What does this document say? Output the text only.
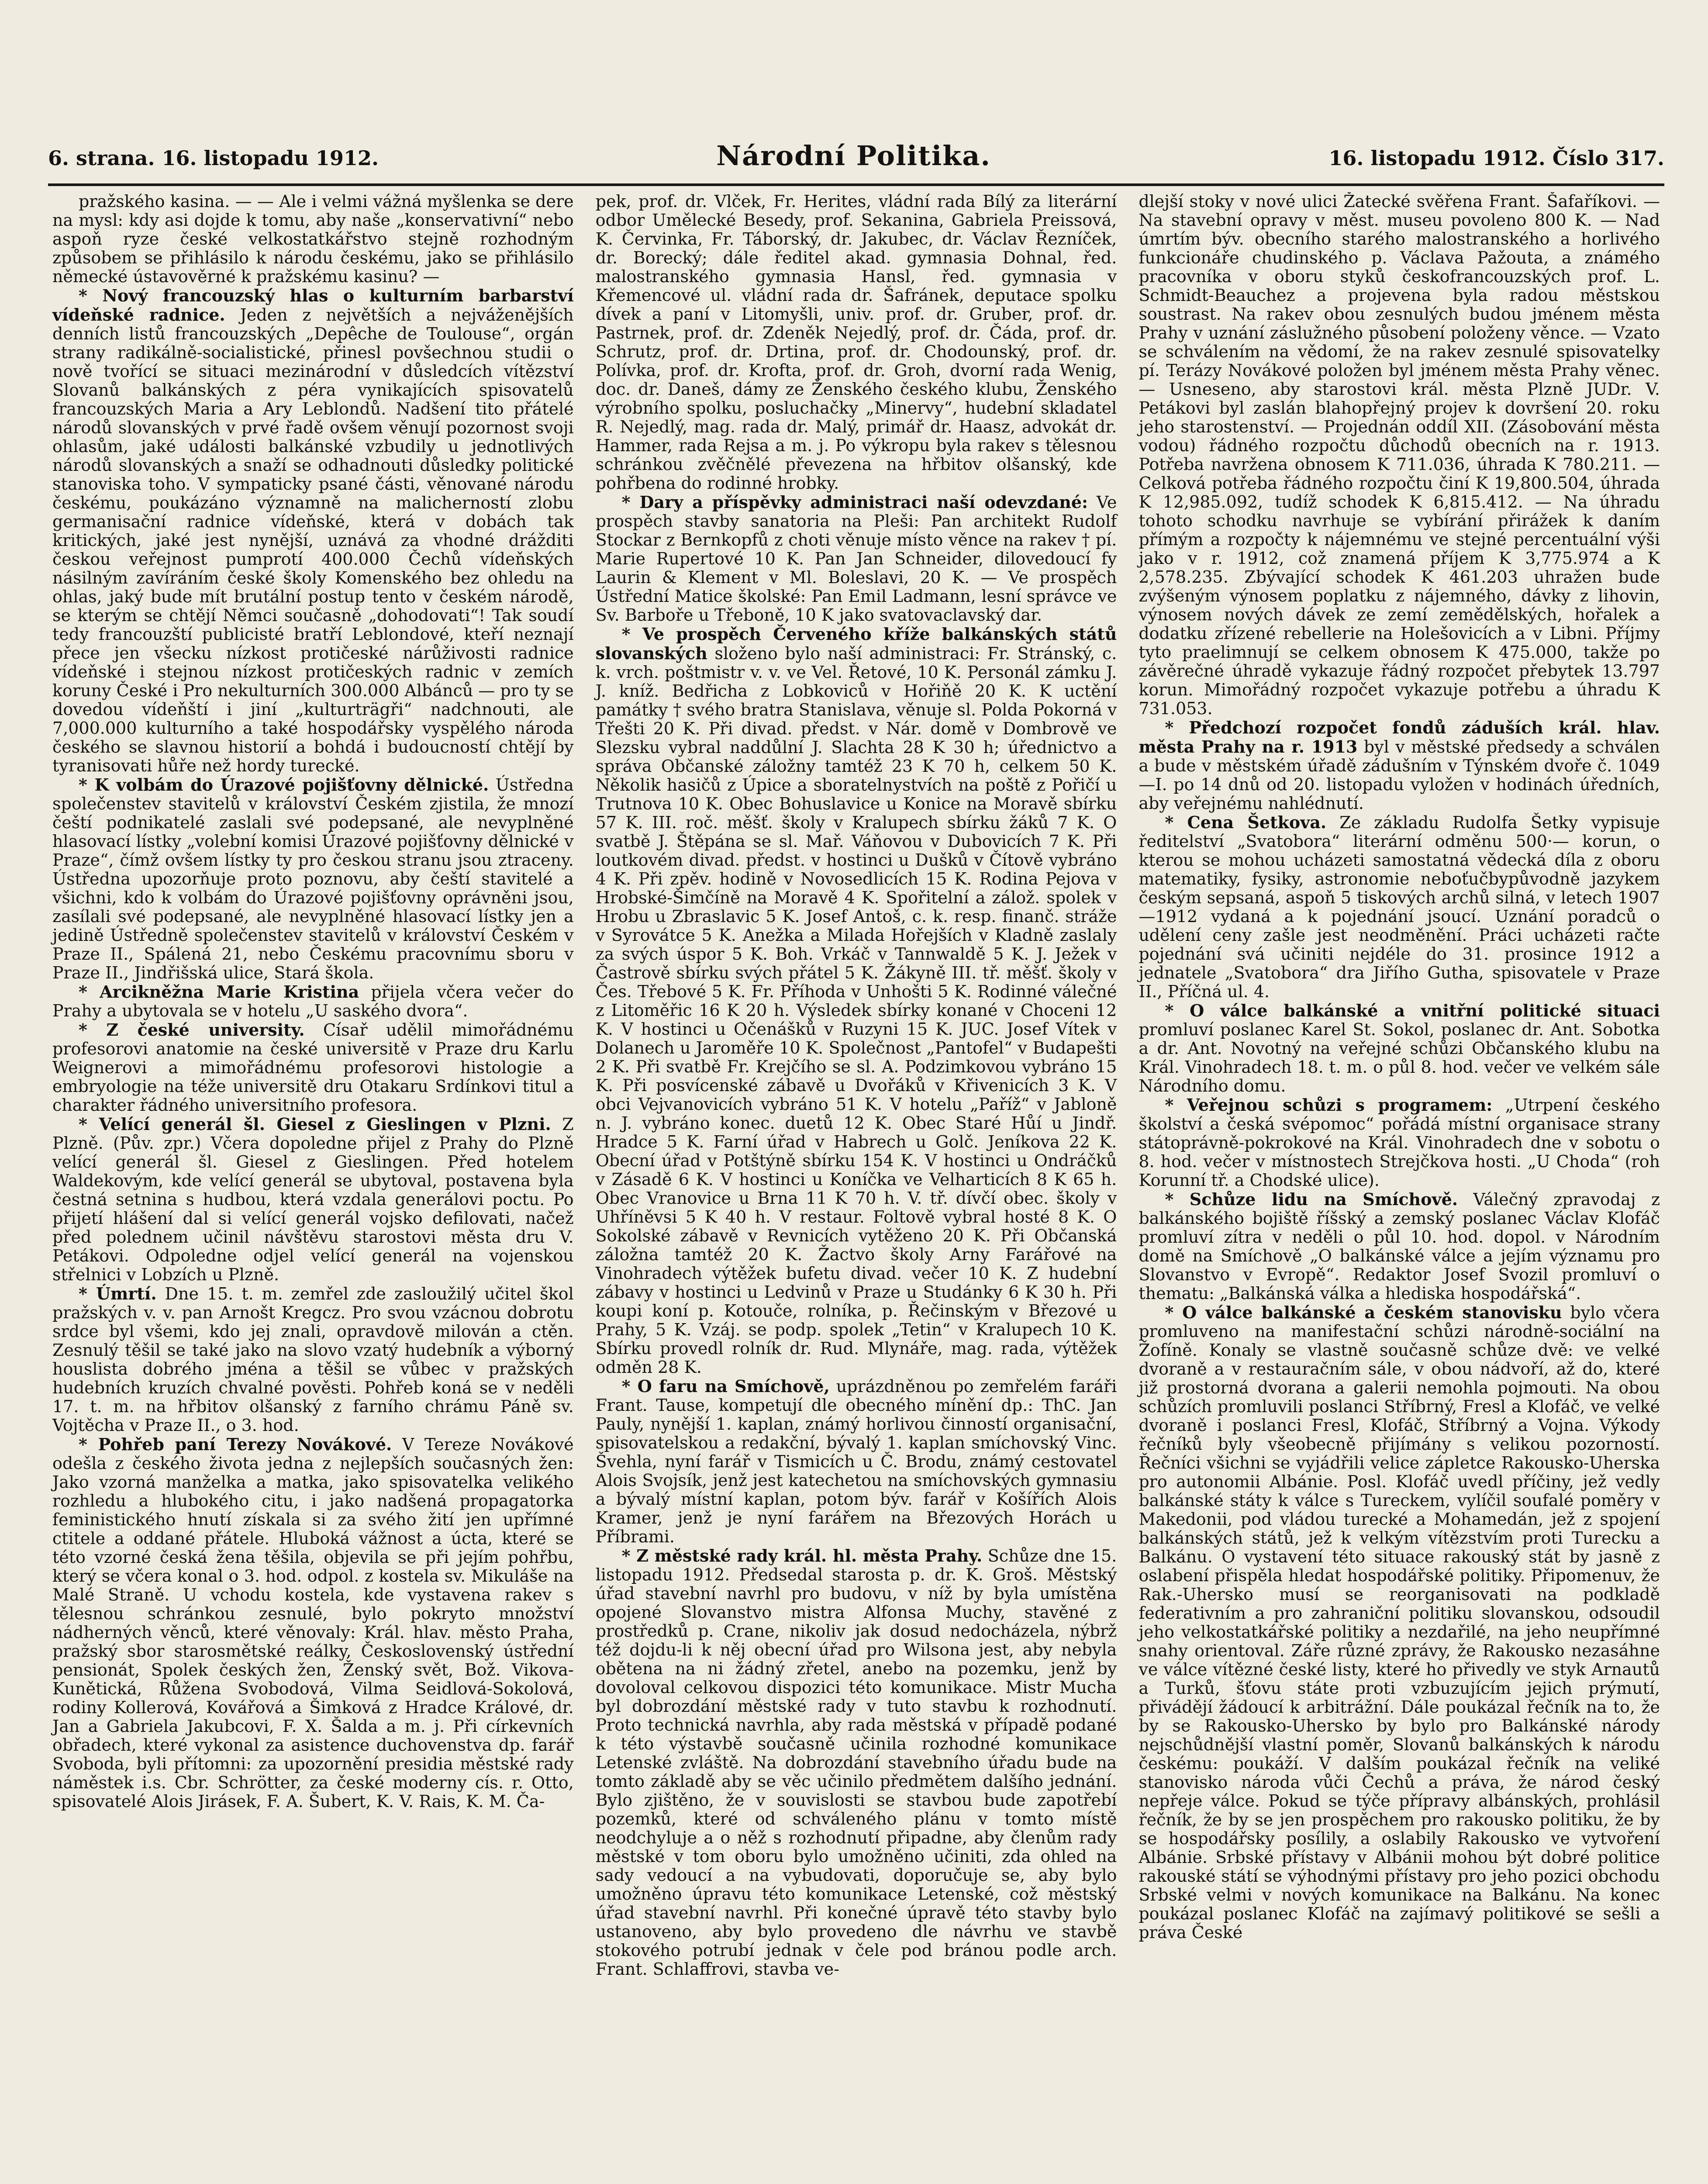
6. strana. 16. listopadu 1912.	Národní Politika.	16. listopadu 1912. Číslo 317.

pražského kasina. — — Ale i velmi vážná myšlenka se dere na mysl: kdy asi dojde k tomu, aby naše „konservativní“ nebo aspoň ryze české velkostatkářstvo stejně rozhodným způsobem se přihlásilo k národu českému, jako se přihlásilo německé ústavověrné k pražskému kasinu? —

* Nový francouzský hlas o kulturním barbarství vídeňské radnice. Jeden z největších a nejváženějších denních listů francouzských „Depêche de Toulouse“, orgán strany radikálně-socialistické, přinesl povšechnou studii o nově tvořící se situaci mezinárodní v důsledcích vítězství Slovanů balkánských z péra vynikajících spisovatelů francouzských Maria a Ary Leblondů. Nadšení tito přátelé národů slovanských v prvé řadě ovšem věnují pozornost svoji ohlasům, jaké události balkánské vzbudily u jednotlivých národů slovanských a snaží se odhadnouti důsledky politické stanoviska toho. V sympaticky psané části, věnované národu českému, poukázáno významně na malicherností zlobu germanisační radnice vídeňské, která v dobách tak kritických, jaké jest nynější, uznává za vhodné drážditi českou veřejnost pumprotí 400.000 Čechů vídeňských násilným zavíráním české školy Komenského bez ohledu na ohlas, jaký bude mít brutální postup tento v českém národě, se kterým se chtějí Němci současně „dohodovati“! Tak soudí tedy francouzští publicisté bratří Leblondové, kteří neznají přece jen všecku nízkost protičeské nárůživosti radnice vídeňské i stejnou nízkost protičeských radnic v zemích koruny České i Pro nekulturních 300.000 Albánců — pro ty se dovedou vídeňští i jiní „kulturträgři“ nadchnouti, ale 7,000.000 kulturního a také hospodářsky vyspělého národa českého se slavnou historií a bohdá i budoucností chtějí by tyranisovati hůře než hordy turecké.

* K volbám do Úrazové pojišťovny dělnické. Ústředna společenstev stavitelů v království Českém zjistila, že mnozí čeští podnikatelé zaslali své podepsané, ale nevyplněné hlasovací lístky „volební komisi Úrazové pojišťovny dělnické v Praze“, čímž ovšem lístky ty pro českou stranu jsou ztraceny. Ústředna upozorňuje proto poznovu, aby čeští stavitelé a všichni, kdo k volbám do Úrazové pojišťovny oprávněni jsou, zasílali své podepsané, ale nevyplněné hlasovací lístky jen a jedině Ústředně společenstev stavitelů v království Českém v Praze II., Spálená 21, nebo Českému pracovnímu sboru v Praze II., Jindřišská ulice, Stará škola.

* Arcikněžna Marie Kristina přijela včera večer do Prahy a ubytovala se v hotelu „U saského dvora“.

* Z české university. Císař udělil mimořádnému profesorovi anatomie na české universitě v Praze dru Karlu Weignerovi a mimořádnému profesorovi histologie a embryologie na téže universitě dru Otakaru Srdínkovi titul a charakter řádného universitního profesora.

* Velící generál šl. Giesel z Gieslingen v Plzni. Z Plzně. (Pův. zpr.) Včera dopoledne přijel z Prahy do Plzně velící generál šl. Giesel z Gieslingen. Před hotelem Waldekovým, kde velící generál se ubytoval, postavena byla čestná setnina s hudbou, která vzdala generálovi poctu. Po přijetí hlášení dal si velící generál vojsko defilovati, načež před polednem učinil návštěvu starostovi města dru V. Petákovi. Odpoledne odjel velící generál na vojenskou střelnici v Lobzích u Plzně.

* Úmrtí. Dne 15. t. m. zemřel zde zasloužilý učitel škol pražských v. v. pan Arnošt Kregcz. Pro svou vzácnou dobrotu srdce byl všemi, kdo jej znali, opravdově milován a ctěn. Zesnulý těšil se také jako na slovo vzatý hudebník a výborný houslista dobrého jména a těšil se vůbec v pražských hudebních kruzích chvalné pověsti. Pohřeb koná se v neděli 17. t. m. na hřbitov olšanský z farního chrámu Páně sv. Vojtěcha v Praze II., o 3. hod.

* Pohřeb paní Terezy Novákové. V Tereze Novákové odešla z českého života jedna z nejlepších současných žen: Jako vzorná manželka a matka, jako spisovatelka velikého rozhledu a hlubokého citu, i jako nadšená propagatorka feministického hnutí získala si za svého žití jen upřímné ctitele a oddané přátele. Hluboká vážnost a úcta, které se této vzorné česká žena těšila, objevila se při jejím pohřbu, který se včera konal o 3. hod. odpol. z kostela sv. Mikuláše na Malé Straně. U vchodu kostela, kde vystavena rakev s tělesnou schránkou zesnulé, bylo pokryto množství nádherných věnců, které věnovaly: Král. hlav. město Praha, pražský sbor starosmětské reálky, Československý ústřední pensionát, Spolek českých žen, Ženský svět, Bož. Vikova-Kunětická, Růžena Svobodová, Vilma Seidlová-Sokolová, rodiny Kollerová, Kovářová a Šimková z Hradce Králové, dr. Jan a Gabriela Jakubcovi, F. X. Šalda a m. j. Při církevních obřadech, které vykonal za asistence duchovenstva dp. farář Svoboda, byli přítomni: za upozornění presidia městské rady náměstek i.s. Cbr. Schrötter, za české moderny cís. r. Otto, spisovatelé Alois Jirásek, F. A. Šubert, K. V. Rais, K. M. Ča-

pek, prof. dr. Vlček, Fr. Herites, vládní rada Bílý za literární odbor Umělecké Besedy, prof. Sekanina, Gabriela Preissová, K. Červinka, Fr. Táborský, dr. Jakubec, dr. Václav Řezníček, dr. Borecký; dále ředitel akad. gymnasia Dohnal, řed. malostranského gymnasia Hansl, řed. gymnasia v Křemencové ul. vládní rada dr. Šafránek, deputace spolku dívek a paní v Litomyšli, univ. prof. dr. Gruber, prof. dr. Pastrnek, prof. dr. Zdeněk Nejedlý, prof. dr. Čáda, prof. dr. Schrutz, prof. dr. Drtina, prof. dr. Chodounský, prof. dr. Polívka, prof. dr. Krofta, prof. dr. Groh, dvorní rada Wenig, doc. dr. Daneš, dámy ze Ženského českého klubu, Ženského výrobního spolku, posluchačky „Minervy“, hudební skladatel R. Nejedlý, mag. rada dr. Malý, primář dr. Haasz, advokát dr. Hammer, rada Rejsa a m. j. Po výkropu byla rakev s tělesnou schránkou zvěčnělé převezena na hřbitov olšanský, kde pohřbena do rodinné hrobky.

* Dary a příspěvky administraci naší odevzdané: Ve prospěch stavby sanatoria na Pleši: Pan architekt Rudolf Stockar z Bernkopfů z choti věnuje místo věnce na rakev † pí. Marie Rupertové 10 K. Pan Jan Schneider, dilovedoucí fy Laurin & Klement v Ml. Boleslavi, 20 K. — Ve prospěch Ústřední Matice školské: Pan Emil Ladmann, lesní správce ve Sv. Barboře u Třeboně, 10 K jako svatovaclavský dar.

* Ve prospěch Červeného kříže balkánských států slovanských složeno bylo naší administraci: Fr. Stránský, c. k. vrch. poštmistr v. v. ve Vel. Řetové, 10 K. Personál zámku J. J. kníž. Bedřicha z Lobkoviců v Hořiňě 20 K. K uctění památky † svého bratra Stanislava, věnuje sl. Polda Pokorná v Třešti 20 K. Při divad. předst. v Nár. domě v Dombrově ve Slezsku vybral naddůlní J. Slachta 28 K 30 h; úřednictvo a správa Občanské záložny tamtéž 23 K 70 h, celkem 50 K. Několik hasičů z Úpice a sboratelnystvích na poště z Pořičí u Trutnova 10 K. Obec Bohuslavice u Konice na Moravě sbírku 57 K. III. roč. měšť. školy v Kralupech sbírku žáků 7 K. O svatbě J. Štěpána se sl. Mař. Váňovou v Dubovicích 7 K. Při loutkovém divad. předst. v hostinci u Dušků v Čítově vybráno 4 K. Při zpěv. hodině v Novosedlicích 15 K. Rodina Pejova v Hrobské-Šimčíně na Moravě 4 K. Spořitelní a zálož. spolek v Hrobu u Zbraslavic 5 K. Josef Antoš, c. k. resp. finanč. stráže v Syrovátce 5 K. Anežka a Milada Hořejších v Kladně zaslaly za svých úspor 5 K. Boh. Vrkáč v Tannwaldě 5 K. J. Ježek v Častrově sbírku svých přátel 5 K. Žákyně III. tř. měšť. školy v Čes. Třebové 5 K. Fr. Příhoda v Unhošti 5 K. Rodinné válečné z Litoměřic 16 K 20 h. Výsledek sbírky konané v Choceni 12 K. V hostinci u Očenášků v Ruzyni 15 K. JUC. Josef Vítek v Dolanech u Jaroměře 10 K. Společnost „Pantofel“ v Budapešti 2 K. Při svatbě Fr. Krejčího se sl. A. Podzimkovou vybráno 15 K. Při posvícenské zábavě u Dvořáků v Křivenicích 3 K. V obci Vejvanovicích vybráno 51 K. V hotelu „Paříž“ v Jabloně n. J. vybráno konec. duetů 12 K. Obec Staré Hůí u Jindř. Hradce 5 K. Farní úřad v Habrech u Golč. Jeníkova 22 K. Obecní úřad v Potštýně sbírku 154 K. V hostinci u Ondráčků v Zásadě 6 K. V hostinci u Koníčka ve Velharticích 8 K 65 h. Obec Vranovice u Brna 11 K 70 h. V. tř. dívčí obec. školy v Uhříněvsi 5 K 40 h. V restaur. Foltově vybral hosté 8 K. O Sokolské zábavě v Revnicích vytěženo 20 K. Při Občanská záložna tamtéž 20 K. Žactvo školy Arny Farářové na Vinohradech výtěžek bufetu divad. večer 10 K. Z hudební zábavy v hostinci u Ledvinů v Praze u Studánky 6 K 30 h. Při koupi koní p. Kotouče, rolníka, p. Řečinským v Březové u Prahy, 5 K. Vzáj. se podp. spolek „Tetin“ v Kralupech 10 K. Sbírku provedl rolník dr. Rud. Mlynáře, mag. rada, výtěžek odměn 28 K.

* O faru na Smíchově, uprázdněnou po zemřelém faráři Frant. Tause, kompetují dle obecného mínění dp.: ThC. Jan Pauly, nynější 1. kaplan, známý horlivou činností organisační, spisovatelskou a redakční, bývalý 1. kaplan smíchovský Vinc. Švehla, nyní farář v Tismicích u Č. Brodu, známý cestovatel Alois Svojsík, jenž jest katechetou na smíchovských gymnasiu a bývalý místní kaplan, potom býv. farář v Košířích Alois Kramer, jenž je nyní farářem na Březových Horách u Příbrami.

* Z městské rady král. hl. města Prahy. Schůze dne 15. listopadu 1912. Předsedal starosta p. dr. K. Groš. Městský úřad stavební navrhl pro budovu, v níž by byla umístěna opojené Slovanstvo mistra Alfonsa Muchy, stavěné z prostředků p. Crane, nikoliv jak dosud nedocházela, nýbrž též dojdu-li k něj obecní úřad pro Wilsona jest, aby nebyla obětena na ni žádný zřetel, anebo na pozemku, jenž by dovoloval celkovou dispozici této komunikace. Mistr Mucha byl dobrozdání městské rady v tuto stavbu k rozhodnutí. Proto technická navrhla, aby rada městská v případě podané k této výstavbě současně učinila rozhodné komunikace Letenské zvláště. Na dobrozdání stavebního úřadu bude na tomto základě aby se věc učinilo předmětem dalšího jednání. Bylo zjištěno, že v souvislosti se stavbou bude zapotřebí pozemků, které od schváleného plánu v tomto místě neodchyluje a o něž s rozhodnutí připadne, aby členům rady městské v tom oboru bylo umožněno učiniti, zda ohled na sady vedoucí a na vybudovati, doporučuje se, aby bylo umožněno úpravu této komunikace Letenské, což městský úřad stavební navrhl. Při konečné úpravě této stavby bylo ustanoveno, aby bylo provedeno dle návrhu ve stavbě stokového potrubí jednak v čele pod bránou podle arch. Frant. Schlaffrovi, stavba ve-

dlejší stoky v nové ulici Žatecké svěřena Frant. Šafaříkovi. — Na stavební opravy v měst. museu povoleno 800 K. — Nad úmrtím býv. obecního starého malostranského a horlivého funkcionáře chudinského p. Václava Pažouta, a známého pracovníka v oboru styků českofrancouzských prof. L. Schmidt-Beauchez a projevena byla radou městskou soustrast. Na rakev obou zesnulých budou jménem města Prahy v uznání záslužného působení položeny věnce. — Vzato se schválením na vědomí, že na rakev zesnulé spisovatelky pí. Terázy Novákové položen byl jménem města Prahy věnec. — Usneseno, aby starostovi král. města Plzně JUDr. V. Petákovi byl zaslán blahopřejný projev k dovršení 20. roku jeho starostenství. — Projednán oddíl XII. (Zásobování města vodou) řádného rozpočtu důchodů obecních na r. 1913. Potřeba navržena obnosem K 711.036, úhrada K 780.211. — Celková potřeba řádného rozpočtu činí K 19,800.504, úhrada K 12,985.092, tudíž schodek K 6,815.412. — Na úhradu tohoto schodku navrhuje se vybírání přirážek k daním přímým a rozpočty k nájemnému ve stejné percentuální výši jako v r. 1912, což znamená příjem K 3,775.974 a K 2,578.235. Zbývající schodek K 461.203 uhražen bude zvýšeným výnosem poplatku z nájemného, dávky z lihovin, výnosem nových dávek ze zemí zemědělských, hořalek a dodatku zřízené rebellerie na Holešovicích a v Libni. Příjmy tyto praelimnují se celkem obnosem K 475.000, takže po závěrečné úhradě vykazuje řádný rozpočet přebytek 13.797 korun. Mimořádný rozpočet vykazuje potřebu a úhradu K 731.053.

* Předchozí rozpočet fondů záduších král. hlav. města Prahy na r. 1913 byl v městské předsedy a schválen a bude v městském úřadě zádušním v Týnském dvoře č. 1049—I. po 14 dnů od 20. listopadu vyložen v hodinách úředních, aby veřejnému nahlédnutí.

* Cena Šetkova. Ze základu Rudolfa Šetky vypisuje ředitelství „Svatobora“ literární odměnu 500·— korun, o kterou se mohou ucházeti samostatná vědecká díla z oboru matematiky, fysiky, astronomie neboťučbypůvodně jazykem českým sepsaná, aspoň 5 tiskových archů silná, v letech 1907—1912 vydaná a k pojednání jsoucí. Uznání poradců o udělení ceny zašle jest neodměnění. Práci ucházeti račte pojednání svá učiniti nejdéle do 31. prosince 1912 a jednatele „Svatobora“ dra Jiřího Gutha, spisovatele v Praze II., Příčná ul. 4.

* O válce balkánské a vnitřní politické situaci promluví poslanec Karel St. Sokol, poslanec dr. Ant. Sobotka a dr. Ant. Novotný na veřejné schůzi Občanského klubu na Král. Vinohradech 18. t. m. o půl 8. hod. večer ve velkém sále Národního domu.

* Veřejnou schůzi s programem: „Utrpení českého školství a česká svépomoc“ pořádá místní organisace strany státoprávně-pokrokové na Král. Vinohradech dne v sobotu o 8. hod. večer v místnostech Strejčkova hosti. „U Choda“ (roh Korunní tř. a Chodské ulice).

* Schůze lidu na Smíchově. Válečný zpravodaj z balkánského bojiště říšský a zemský poslanec Václav Klofáč promluví zítra v neděli o půl 10. hod. dopol. v Národním domě na Smíchově „O balkánské válce a jejím významu pro Slovanstvo v Evropě“. Redaktor Josef Svozil promluví o thematu: „Balkánská válka a hlediska hospodářská“.

* O válce balkánské a českém stanovisku bylo včera promluveno na manifestační schůzi národně-sociální na Žofíně. Konaly se vlastně současně schůze dvě: ve velké dvoraně a v restauračním sále, v obou nádvoří, až do, které již prostorná dvorana a galerii nemohla pojmouti. Na obou schůzích promluvili poslanci Stříbrný, Fresl a Klofáč, ve velké dvoraně i poslanci Fresl, Klofáč, Stříbrný a Vojna. Výkody řečníků byly všeobecně přijímány s velikou pozorností. Řečníci všichni se vyjádřili velice zápletce Rakousko-Uherska pro autonomii Albánie. Posl. Klofáč uvedl příčiny, jež vedly balkánské státy k válce s Tureckem, vylíčil soufalé poměry v Makedonii, pod vládou turecké a Mohamedán, jež z spojení balkánských států, jež k velkým vítězstvím proti Turecku a Balkánu. O vystavení této situace rakouský stát by jasně z oslabení přispěla hledat hospodářské politiky. Připomenuv, že Rak.-Uhersko musí se reorganisovati na podkladě federativním a pro zahraniční politiku slovanskou, odsoudil jeho velkostatkářské politiky a nezdařilé, na jeho neupřímné snahy orientoval. Záře různé zprávy, že Rakousko nezasáhne ve válce vítězné české listy, které ho přivedly ve styk Arnautů a Turků, šťovu státe proti vzbuzujícím jejich prýmutí, přivádějí žádoucí k arbitrážní. Dále poukázal řečník na to, že by se Rakousko-Uhersko by bylo pro Balkánské národy nejschůdnější vlastní poměr, Slovanů balkánských k národu českému: poukáží. V dalším poukázal řečník na veliké stanovisko národa vůči Čechů a práva, že národ český nepřeje válce. Pokud se týče přípravy albánských, prohlásil řečník, že by se jen prospěchem pro rakousko politiku, že by se hospodářsky posílily, a oslabily Rakousko ve vytvoření Albánie. Srbské přístavy v Albánii mohou být dobré politice rakouské státí se výhodnými přístavy pro jeho pozici obchodu Srbské velmi v nových komunikace na Balkánu. Na konec poukázal poslanec Klofáč na zajímavý politikové se sešli a práva České
